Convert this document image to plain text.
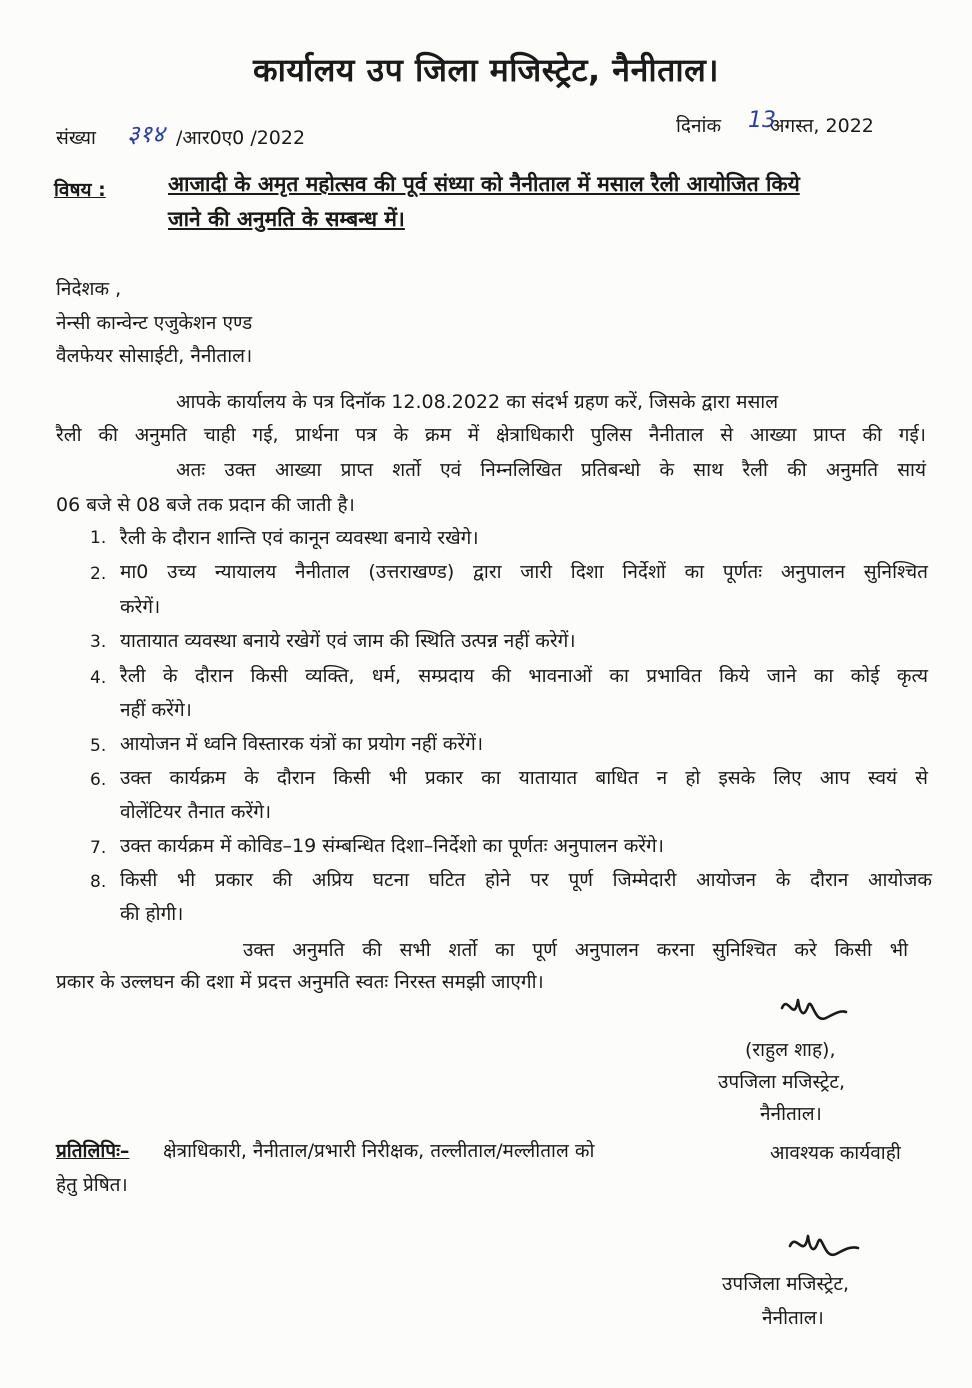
कार्यालय उप जिला मजिस्ट्रेट, नैनीताल।
संख्या ३१४ /आर0ए0 /2022
दिनांक 13
अगस्त, 2022
विषय :	आजादी के अमृत महोत्सव की पूर्व संध्या को नैनीताल में मसाल रैली आयोजित किये
जाने की अनुमति के सम्बन्ध में।
निदेशक ,
नेन्सी कान्वेन्ट एजुकेशन एण्ड
वैलफेयर सोसाईटी, नैनीताल।
आपके कार्यालय के पत्र दिनॉक 12.08.2022 का संदर्भ ग्रहण करें, जिसके द्वारा मसाल
रैली की अनुमति चाही गई, प्रार्थना पत्र के क्रम में क्षेत्राधिकारी पुलिस नैनीताल से आख्या प्राप्त की गई।
अतः उक्त आख्या प्राप्त शर्तो एवं निम्नलिखित प्रतिबन्धो के साथ रैली की अनुमति सायं
06 बजे से 08 बजे तक प्रदान की जाती है।
1. रैली के दौरान शान्ति एवं कानून व्यवस्था बनाये रखेगे।
2. मा0 उच्य न्यायालय नैनीताल (उत्तराखण्ड) द्वारा जारी दिशा निर्देशों का पूर्णतः अनुपालन सुनिश्चित
करेगें।
3. यातायात व्यवस्था बनाये रखेगें एवं जाम की स्थिति उत्पन्न नहीं करेगें।
4. रैली के दौरान किसी व्यक्ति, धर्म, सम्प्रदाय की भावनाओं का प्रभावित किये जाने का कोई कृत्य
नहीं करेंगे।
5. आयोजन में ध्वनि विस्तारक यंत्रों का प्रयोग नहीं करेंगें।
6. उक्त कार्यक्रम के दौरान किसी भी प्रकार का यातायात बाधित न हो इसके लिए आप स्वयं से
वोलेंटियर तैनात करेंगे।
7. उक्त कार्यक्रम में कोविड–19 संम्बन्धित दिशा–निर्देशो का पूर्णतः अनुपालन करेंगे।
8. किसी भी प्रकार की अप्रिय घटना घटित होने पर पूर्ण जिम्मेदारी आयोजन के दौरान आयोजक
की होगी।
उक्त अनुमति की सभी शर्तो का पूर्ण अनुपालन करना सुनिश्चित करे किसी भी
प्रकार के उल्लघन की दशा में प्रदत्त अनुमति स्वतः निरस्त समझी जाएगी।
(राहुल शाह),
उपजिला मजिस्ट्रेट,
नैनीताल।
प्रतिलिपिः– क्षेत्राधिकारी, नैनीताल/प्रभारी निरीक्षक, तल्लीताल/मल्लीताल को	आवश्यक कार्यवाही
हेतु प्रेषित।
उपजिला मजिस्ट्रेट,
नैनीताल।
